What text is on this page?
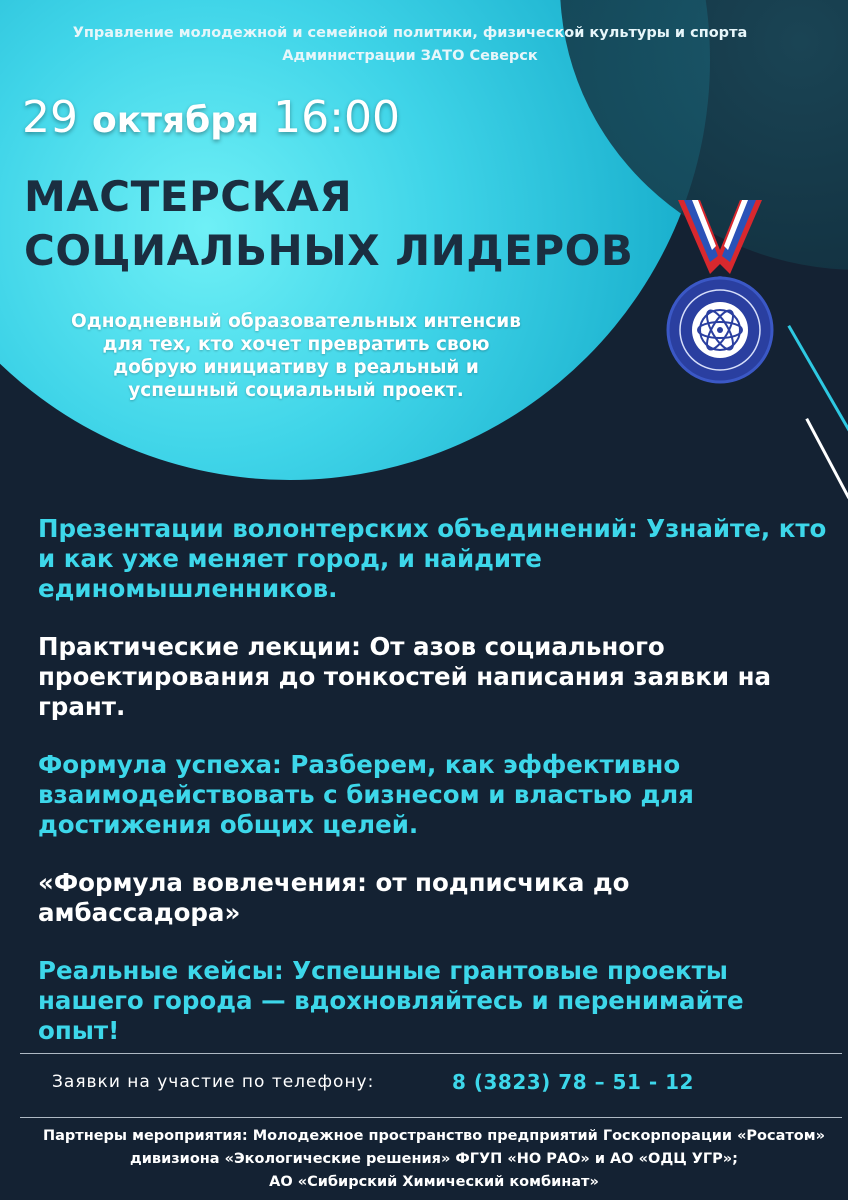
Управление молодежной и семейной политики, физической культуры и спорта
Администрации ЗАТО Северск
29 октября 16:00
МАСТЕРСКАЯ
СОЦИАЛЬНЫХ ЛИДЕРОВ
Однодневный образовательных интенсив
для тех, кто хочет превратить свою
добрую инициативу в реальный и
успешный социальный проект.
Презентации волонтерских объединений: Узнайте, кто и как уже меняет город, и найдите единомышленников.
Практические лекции: От азов социального проектирования до тонкостей написания заявки на грант.
Формула успеха: Разберем, как эффективно взаимодействовать с бизнесом и властью для достижения общих целей.
«Формула вовлечения: от подписчика до амбассадора»
Реальные кейсы: Успешные грантовые проекты нашего города — вдохновляйтесь и перенимайте опыт!
Заявки на участие по телефону:	8 (3823) 78 – 51 - 12
Партнеры мероприятия: Молодежное пространство предприятий Госкорпорации «Росатом»
дивизиона «Экологические решения» ФГУП «НО РАО» и АО «ОДЦ УГР»;
АО «Сибирский Химический комбинат»
